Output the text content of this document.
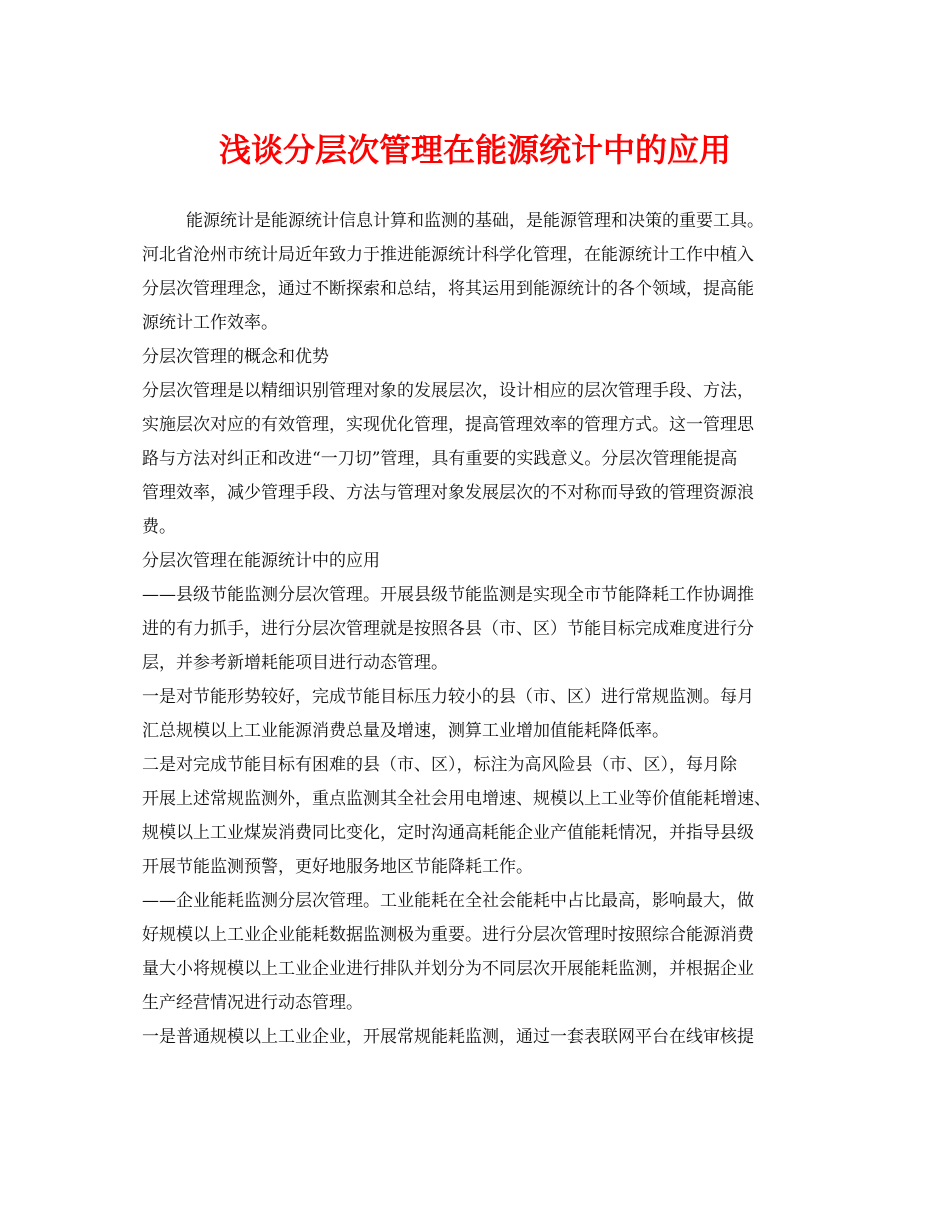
浅谈分层次管理在能源统计中的应用
能源统计是能源统计信息计算和监测的基础，是能源管理和决策的重要工具。
河北省沧州市统计局近年致力于推进能源统计科学化管理，在能源统计工作中植入
分层次管理理念，通过不断探索和总结，将其运用到能源统计的各个领域，提高能
源统计工作效率。
分层次管理的概念和优势
分层次管理是以精细识别管理对象的发展层次，设计相应的层次管理手段、方法，
实施层次对应的有效管理，实现优化管理，提高管理效率的管理方式。这一管理思
路与方法对纠正和改进“一刀切”管理，具有重要的实践意义。分层次管理能提高
管理效率，减少管理手段、方法与管理对象发展层次的不对称而导致的管理资源浪
费。
分层次管理在能源统计中的应用
——县级节能监测分层次管理。开展县级节能监测是实现全市节能降耗工作协调推
进的有力抓手，进行分层次管理就是按照各县（市、区）节能目标完成难度进行分
层，并参考新增耗能项目进行动态管理。
一是对节能形势较好，完成节能目标压力较小的县（市、区）进行常规监测。每月
汇总规模以上工业能源消费总量及增速，测算工业增加值能耗降低率。
二是对完成节能目标有困难的县（市、区），标注为高风险县（市、区），每月除
开展上述常规监测外，重点监测其全社会用电增速、规模以上工业等价值能耗增速、
规模以上工业煤炭消费同比变化，定时沟通高耗能企业产值能耗情况，并指导县级
开展节能监测预警，更好地服务地区节能降耗工作。
——企业能耗监测分层次管理。工业能耗在全社会能耗中占比最高，影响最大，做
好规模以上工业企业能耗数据监测极为重要。进行分层次管理时按照综合能源消费
量大小将规模以上工业企业进行排队并划分为不同层次开展能耗监测，并根据企业
生产经营情况进行动态管理。
一是普通规模以上工业企业，开展常规能耗监测，通过一套表联网平台在线审核提
